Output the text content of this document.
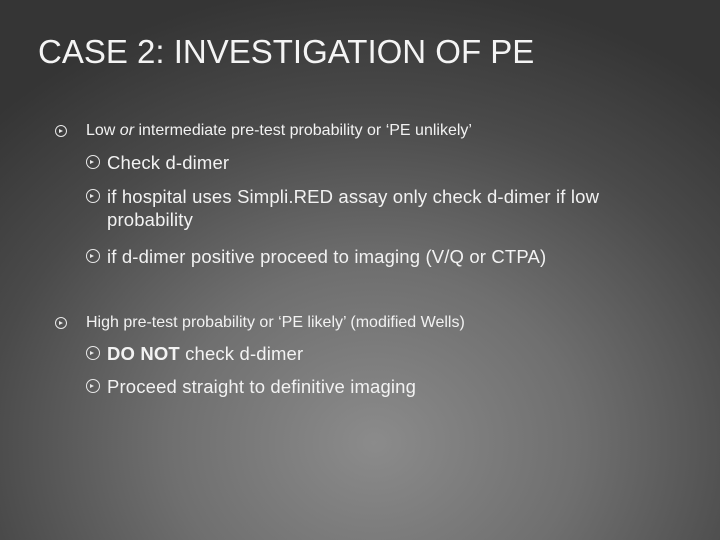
CASE 2: INVESTIGATION OF PE
Low or intermediate pre-test probability or ‘PE unlikely’
Check d-dimer
if hospital uses Simpli.RED assay only check d-dimer if low probability
if d-dimer positive proceed to imaging (V/Q or CTPA)
High pre-test probability or ‘PE likely’ (modified Wells)
DO NOT check d-dimer
Proceed straight to definitive imaging
